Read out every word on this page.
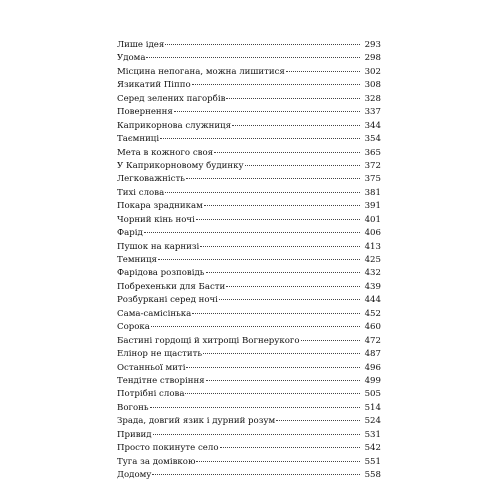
Лише ідея	293
Удома	298
Місцина непогана, можна лишитися	302
Язикатий Піппо	308
Серед зелених пагорбів	328
Повернення	337
Каприкорнова служниця	344
Таємниці	354
Мета в кожного своя	365
У Каприкорновому будинку	372
Легковажність	375
Тихі слова	381
Покара зрадникам	391
Чорний кінь ночі	401
Фарід	406
Пушок на карнизі	413
Темниця	425
Фарідова розповідь	432
Побрехеньки для Басти	439
Розбуркані серед ночі	444
Сама-самісінька	452
Сорока	460
Бастині гордощі й хитрощі Вогнерукого	472
Елінор не щастить	487
Останньої миті	496
Тендітне створіння	499
Потрібні слова	505
Вогонь	514
Зрада, довгий язик і дурний розум	524
Привид	531
Просто покинуте село	542
Туга за домівкою	551
Додому	558
